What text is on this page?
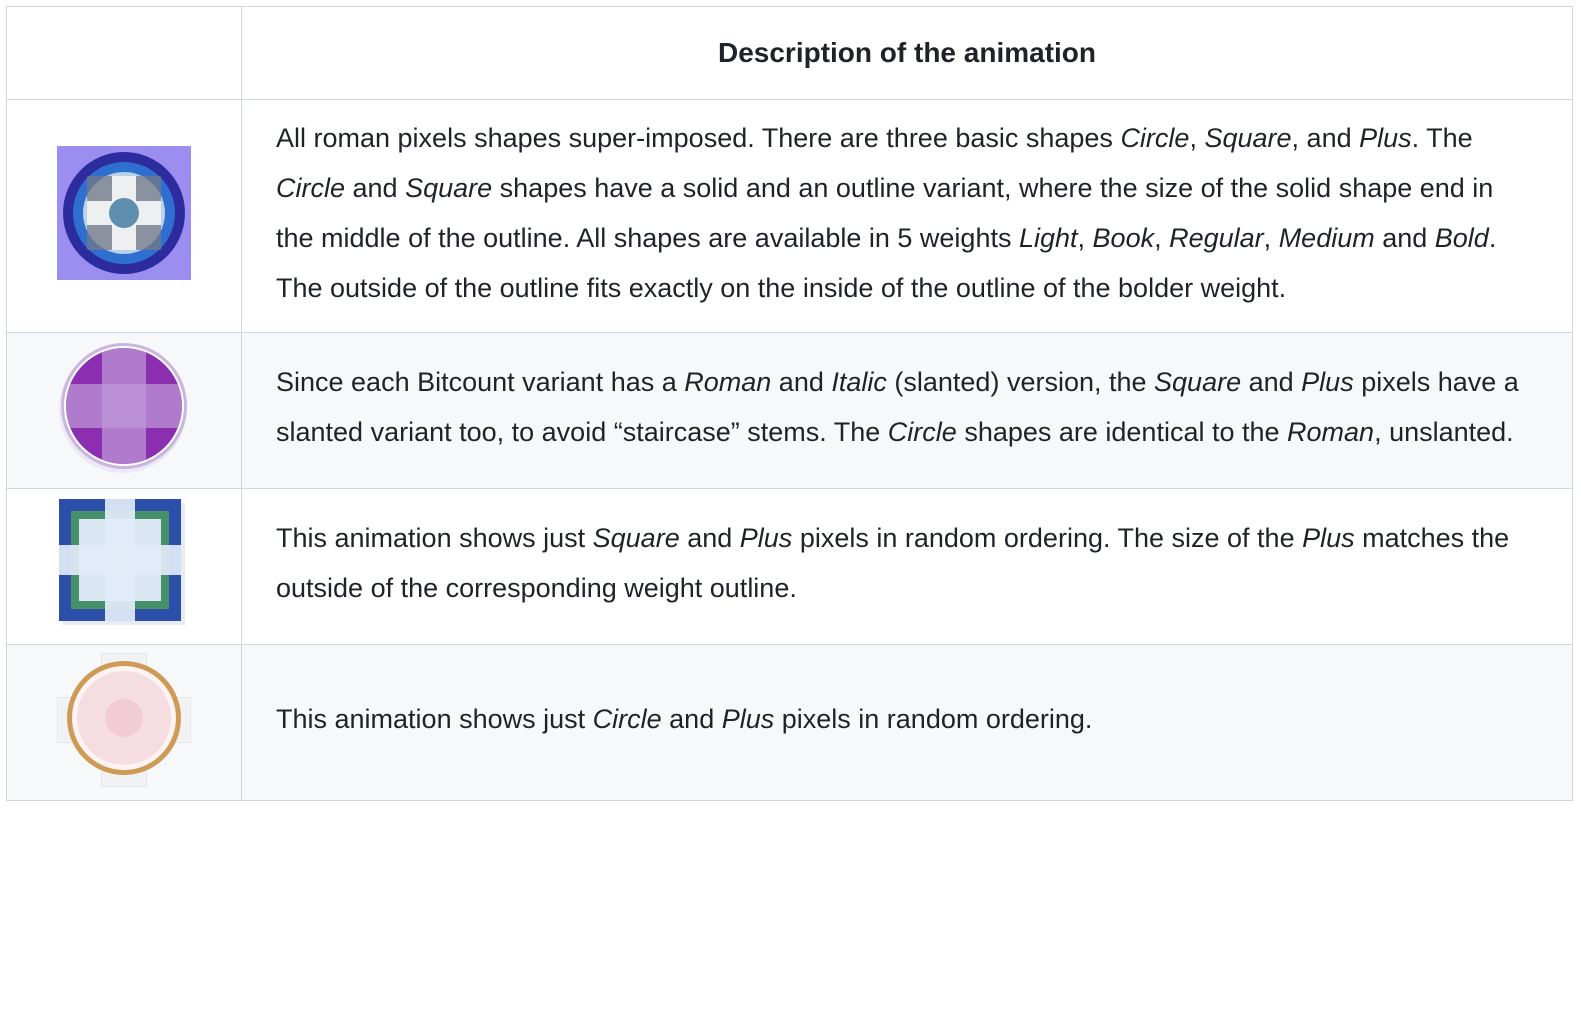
	Description of the animation

	All roman pixels shapes super-imposed. There are three basic shapes Circle, Square, and Plus. The Circle and Square shapes have a solid and an outline variant, where the size of the solid shape end in the middle of the outline. All shapes are available in 5 weights Light, Book, Regular, Medium and Bold. The outside of the outline fits exactly on the inside of the outline of the bolder weight.

	Since each Bitcount variant has a Roman and Italic (slanted) version, the Square and Plus pixels have a slanted variant too, to avoid “staircase” stems. The Circle shapes are identical to the Roman, unslanted.

	This animation shows just Square and Plus pixels in random ordering. The size of the Plus matches the outside of the corresponding weight outline.

	This animation shows just Circle and Plus pixels in random ordering.
